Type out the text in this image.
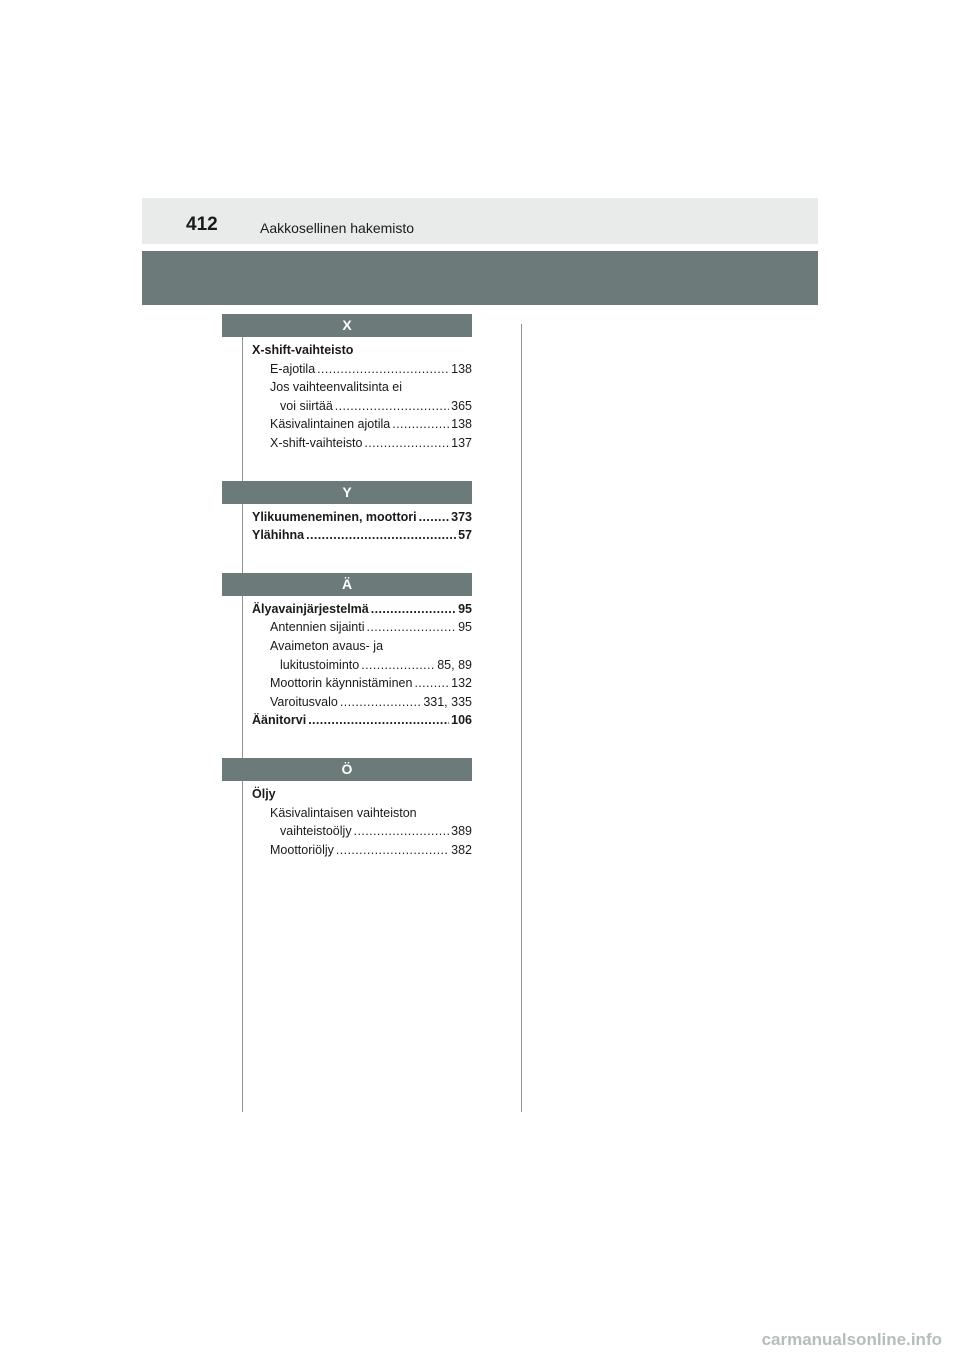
412	Aakkosellinen hakemisto
X
X-shift-vaihteisto
E-ajotila .....	138
Jos vaihteenvalitsinta ei
voi siirtää .....	365
Käsivalintainen ajotila .....	138
X-shift-vaihteisto .....	137
Y
Ylikuumeneminen, moottori .....	373
Ylähihna .....	57
Ä
Älyavainjärjestelmä .....	95
Antennien sijainti .....	95
Avaimeton avaus- ja
lukitustoiminto .....	85, 89
Moottorin käynnistäminen .....	132
Varoitusvalo .....	331, 335
Äänitorvi .....	106
Ö
Öljy
Käsivalintaisen vaihteiston
vaihteistoöljy .....	389
Moottoriöljy .....	382
carmanualsonline.info
